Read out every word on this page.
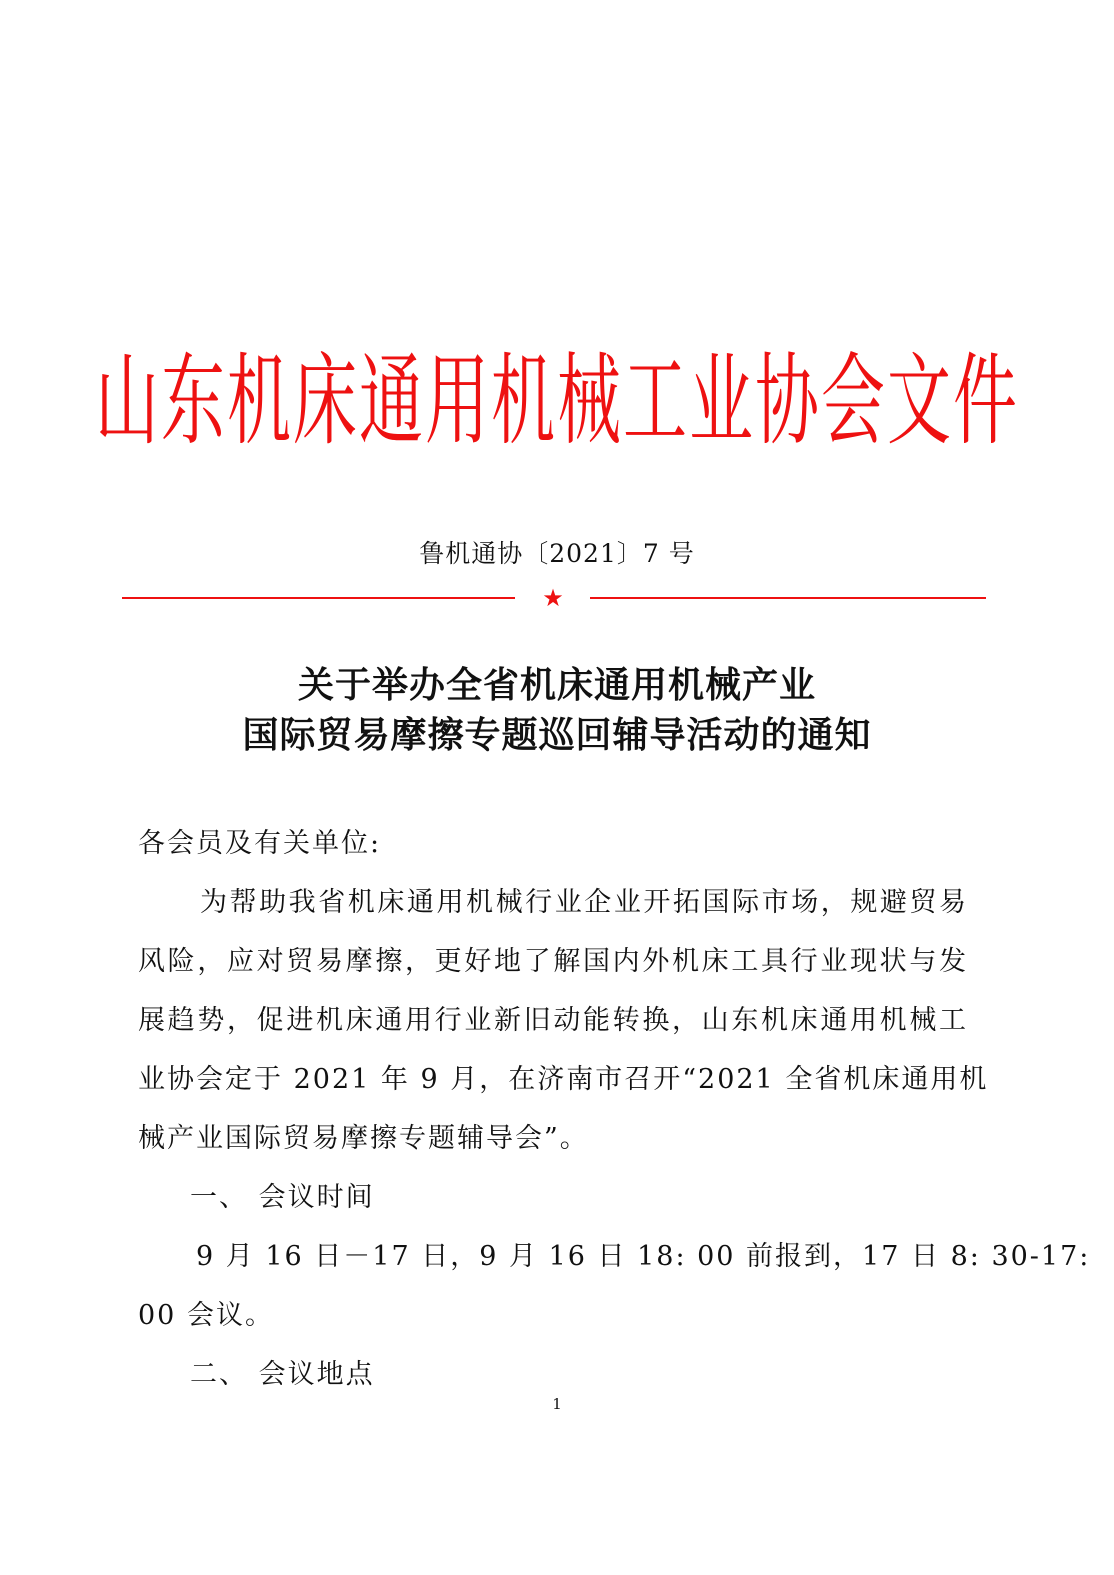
山东机床通用机械工业协会文件
鲁机通协〔2021〕7 号
★
关于举办全省机床通用机械产业
国际贸易摩擦专题巡回辅导活动的通知
各会员及有关单位:
为帮助我省机床通用机械行业企业开拓国际市场，规避贸易
风险，应对贸易摩擦，更好地了解国内外机床工具行业现状与发
展趋势，促进机床通用行业新旧动能转换，山东机床通用机械工
业协会定于 2021 年 9 月，在济南市召开“2021 全省机床通用机
械产业国际贸易摩擦专题辅导会”。
一、 会议时间
9 月 16 日－17 日，9 月 16 日 18: 00 前报到，17 日 8: 30-17:
00 会议。
二、 会议地点
1
